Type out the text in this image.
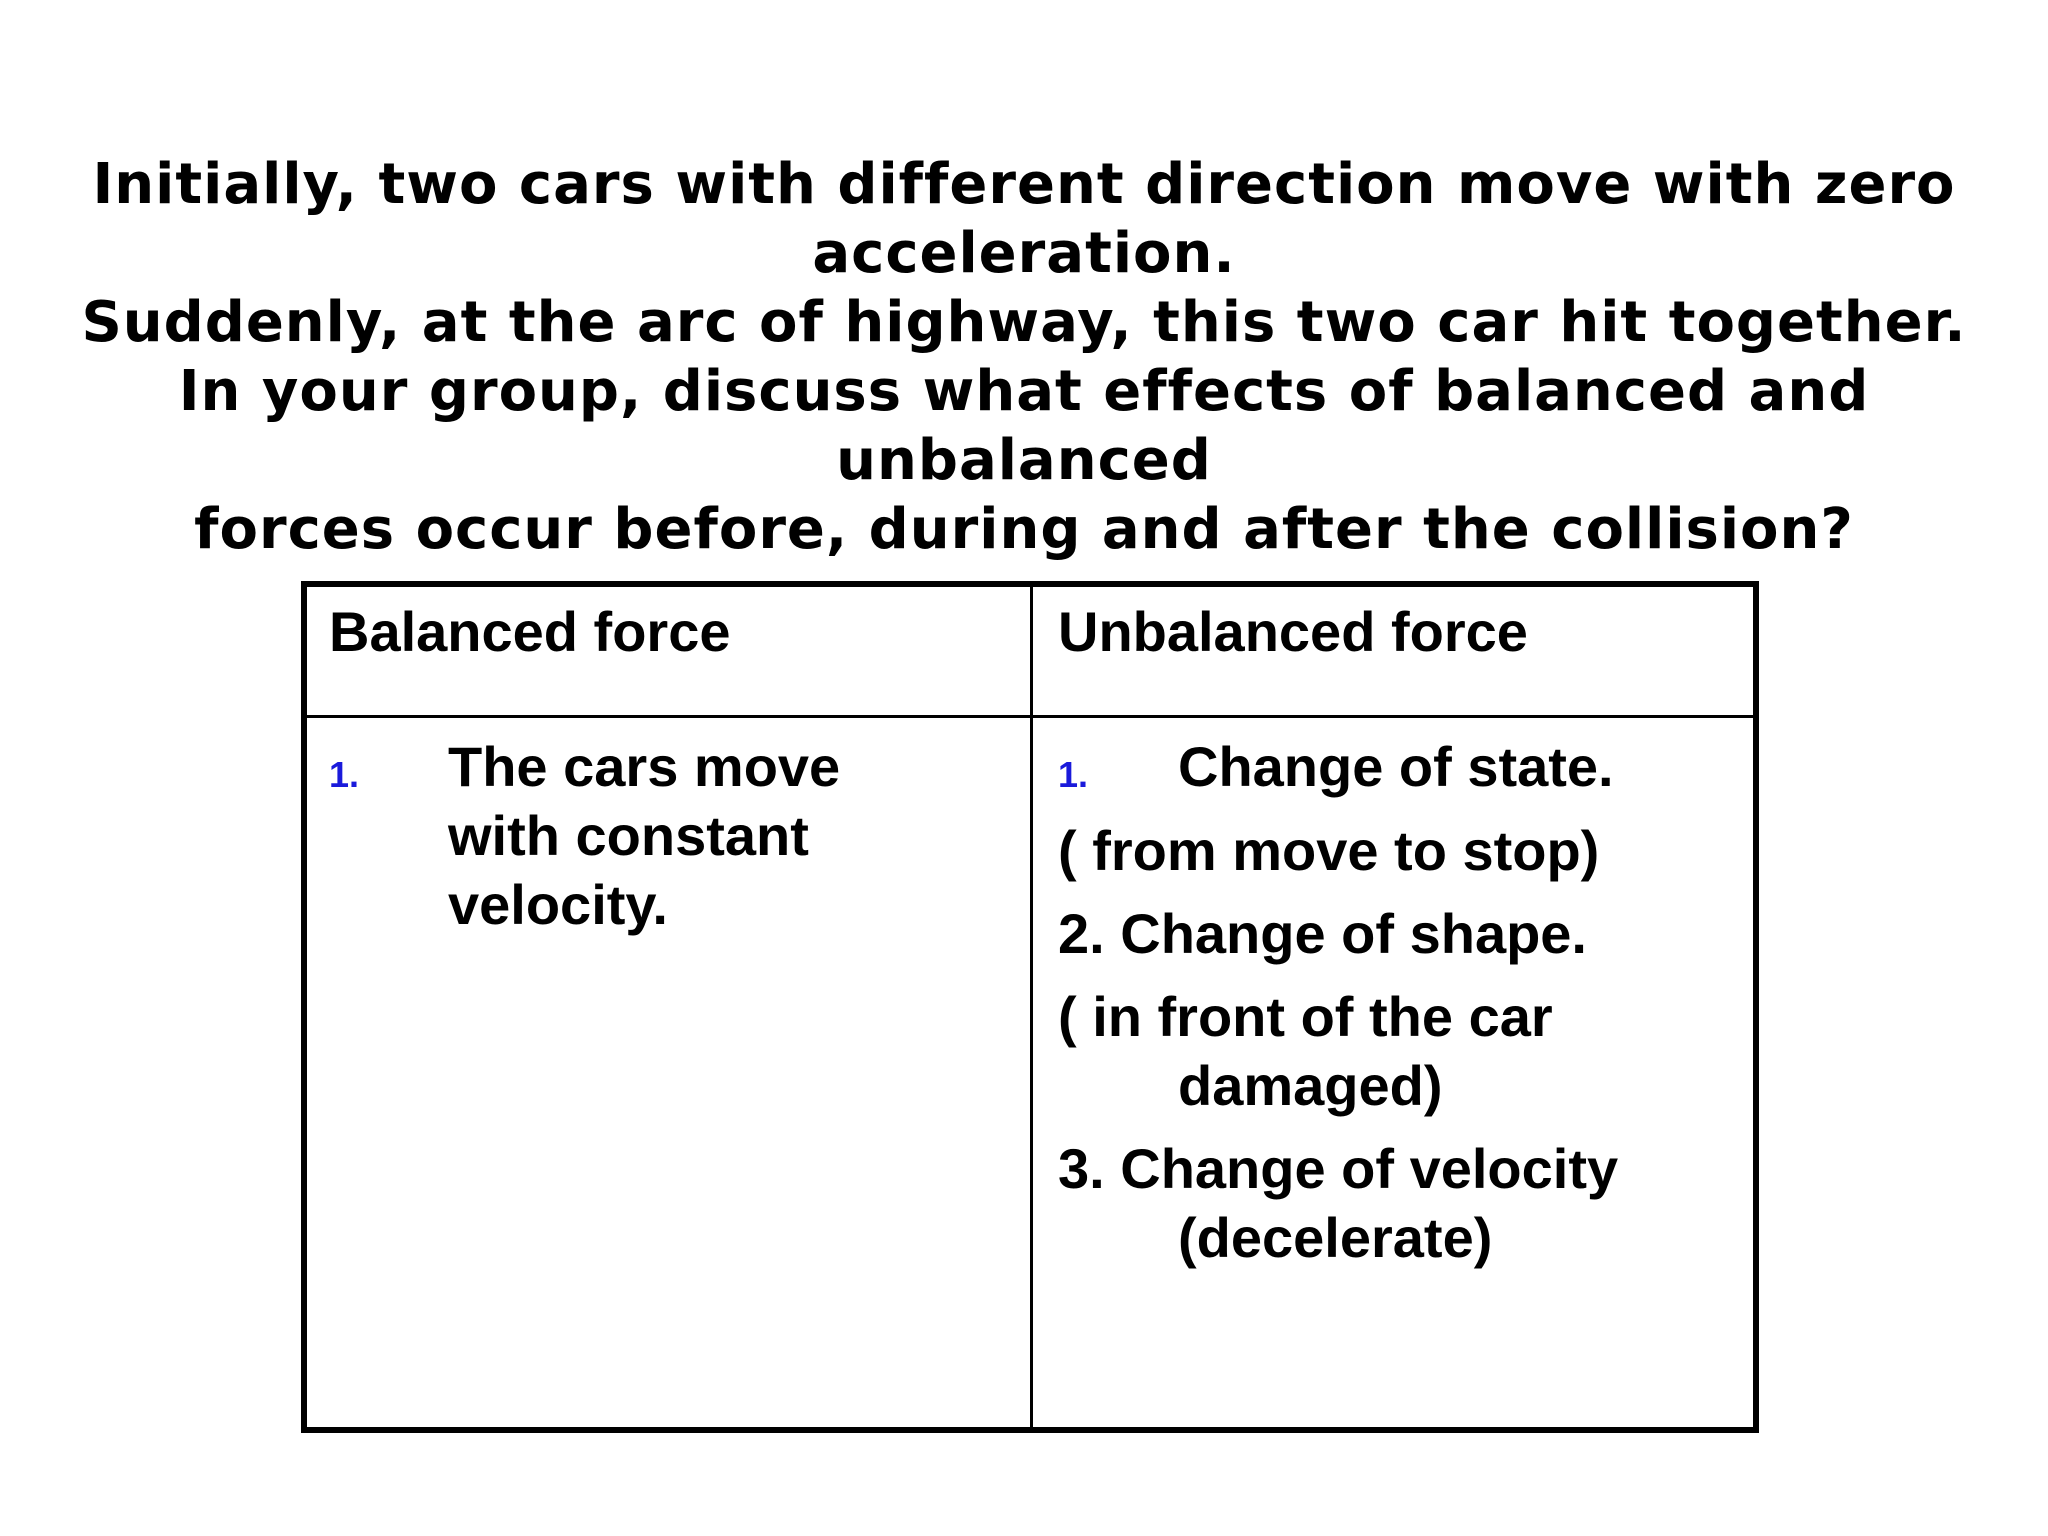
Initially, two cars with different direction move with zero
acceleration.
Suddenly, at the arc of highway, this two car hit together.
In your group, discuss what effects of balanced and
unbalanced
forces occur before, during and after the collision?
Balanced force	Unbalanced force
1. The cars move
with constant
velocity.
1. Change of state.
( from move to stop)
2. Change of shape.
( in front of the car
damaged)
3. Change of velocity
(decelerate)
